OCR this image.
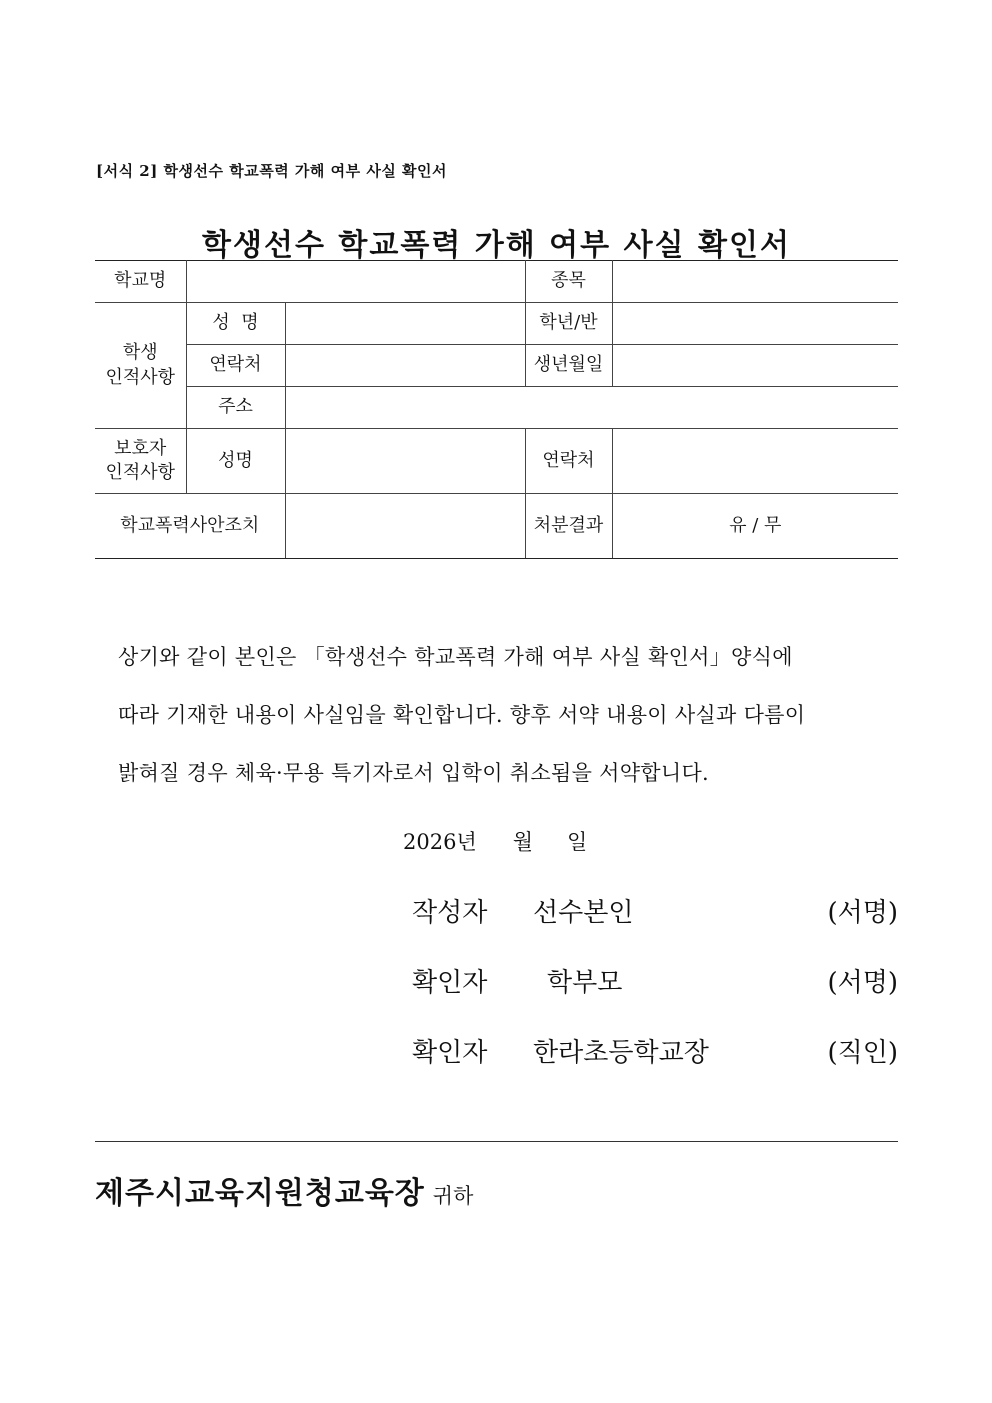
[서식 2] 학생선수 학교폭력 가해 여부 사실 확인서
학생선수 학교폭력 가해 여부 사실 확인서
학교명			종목	

학생
인적사항	성  명		학년/반	
	연락처		생년월일	
	주소			

보호자
인적사항	성명		연락처	
학교폭력사안조치			처분결과	유 / 무
상기와 같이 본인은 「학생선수 학교폭력 가해 여부 사실 확인서」양식에
따라 기재한 내용이 사실임을 확인합니다. 향후 서약 내용이 사실과 다름이
밝혀질 경우 체육·무용 특기자로서 입학이 취소됨을 서약합니다.
2026년 월 일
작성자 선수본인	(서명)
확인자 학부모	(서명)
확인자 한라초등학교장	(직인)
제주시교육지원청교육장 귀하
